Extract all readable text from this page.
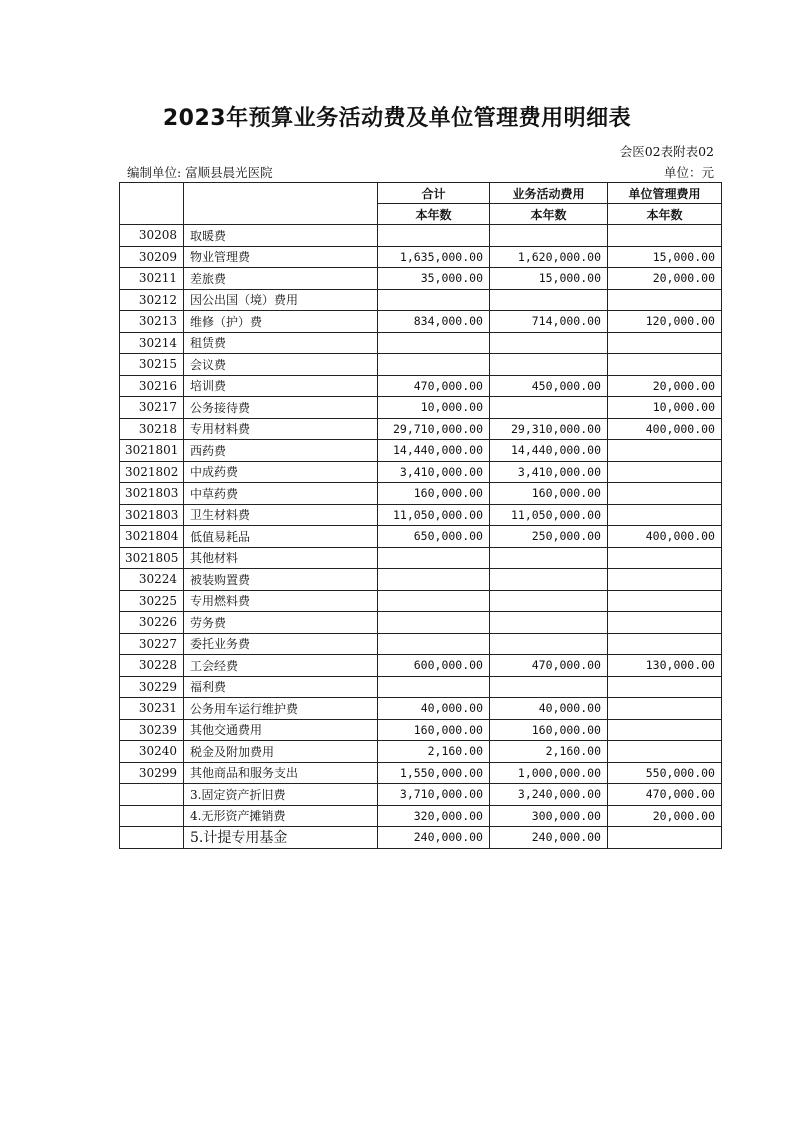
2023年预算业务活动费及单位管理费用明细表
会医02表附表02
编制单位: 富顺县晨光医院	单位：元
		合计	业务活动费用	单位管理费用
		本年数	本年数	本年数
30208	取暖费			
30209	物业管理费	1,635,000.00	1,620,000.00	15,000.00
30211	差旅费	35,000.00	15,000.00	20,000.00
30212	因公出国（境）费用			
30213	维修（护）费	834,000.00	714,000.00	120,000.00
30214	租赁费			
30215	会议费			
30216	培训费	470,000.00	450,000.00	20,000.00
30217	公务接待费	10,000.00		10,000.00
30218	专用材料费	29,710,000.00	29,310,000.00	400,000.00
3021801	西药费	14,440,000.00	14,440,000.00	
3021802	中成药费	3,410,000.00	3,410,000.00	
3021803	中草药费	160,000.00	160,000.00	
3021803	卫生材料费	11,050,000.00	11,050,000.00	
3021804	低值易耗品	650,000.00	250,000.00	400,000.00
3021805	其他材料			
30224	被装购置费			
30225	专用燃料费			
30226	劳务费			
30227	委托业务费			
30228	工会经费	600,000.00	470,000.00	130,000.00
30229	福利费			
30231	公务用车运行维护费	40,000.00	40,000.00	
30239	其他交通费用	160,000.00	160,000.00	
30240	税金及附加费用	2,160.00	2,160.00	
30299	其他商品和服务支出	1,550,000.00	1,000,000.00	550,000.00
	3.固定资产折旧费	3,710,000.00	3,240,000.00	470,000.00
	4.无形资产摊销费	320,000.00	300,000.00	20,000.00
	5.计提专用基金	240,000.00	240,000.00	
